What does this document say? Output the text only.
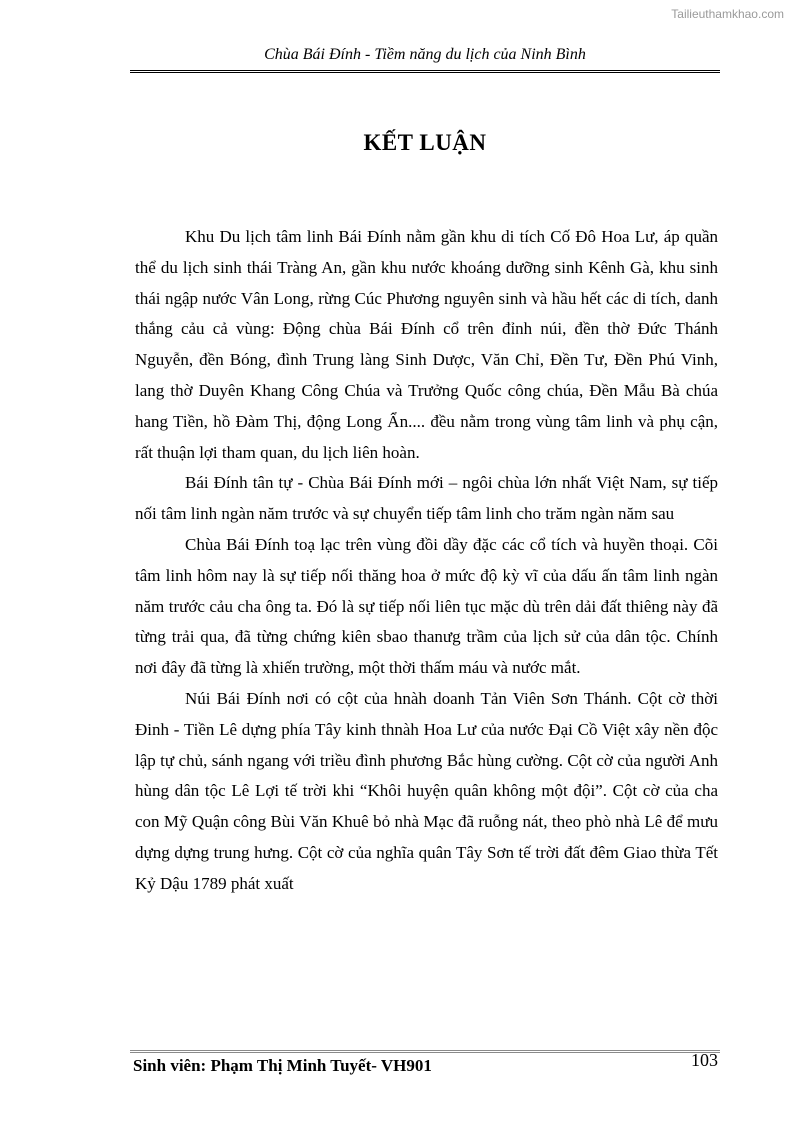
Tailieuthamkhao.com
Chùa Bái Đính - Tiềm năng du lịch của Ninh Bình
KẾT LUẬN

Khu Du lịch tâm linh Bái Đính nằm gần khu di tích Cố Đô Hoa Lư, áp quần thể du lịch sinh thái Tràng An, gần khu nước khoáng dưỡng sinh Kênh Gà, khu sinh thái ngập nước Vân Long, rừng Cúc Phương nguyên sinh và hầu hết các di tích, danh thắng cảu cả vùng: Động chùa Bái Đính cổ trên đỉnh núi, đền thờ Đức Thánh Nguyễn, đền Bóng, đình Trung làng Sinh Dược, Văn Chỉ, Đền Tư, Đền Phú Vinh, lang thờ Duyên Khang Công Chúa và Trưởng Quốc công chúa, Đền Mẫu Bà chúa hang Tiền, hồ Đàm Thị, động Long Ẩn.... đều nằm trong vùng tâm linh và phụ cận, rất thuận lợi tham quan, du lịch liên hoàn.

Bái Đính tân tự - Chùa Bái Đính mới – ngôi chùa lớn nhất Việt Nam, sự tiếp nối tâm linh ngàn năm trước và sự chuyển tiếp tâm linh cho trăm ngàn năm sau

Chùa Bái Đính toạ lạc trên vùng đồi dầy đặc các cổ tích và huyền thoại. Cõi tâm linh hôm nay là sự tiếp nối thăng hoa ở mức độ kỳ vĩ của dấu ấn tâm linh ngàn năm trước cảu cha ông ta. Đó là sự tiếp nối liên tục mặc dù trên dải đất thiêng này đã từng trải qua, đã từng chứng kiên sbao thanưg trầm của lịch sử của dân tộc. Chính nơi đây đã từng là xhiến trường, một thời thấm máu và nước mắt.

Núi Bái Đính nơi có cột của hnàh doanh Tản Viên Sơn Thánh. Cột cờ thời Đinh - Tiền Lê dựng phía Tây kinh thnàh Hoa Lư của nước Đại Cồ Việt xây nền độc lập tự chủ, sánh ngang với triều đình phương Bắc hùng cường. Cột cờ của người Anh hùng dân tộc Lê Lợi tế trời khi “Khôi huyện quân không một đội”. Cột cờ của cha con Mỹ Quận công Bùi Văn Khuê bỏ nhà Mạc đã ruỗng nát, theo phò nhà Lê để mưu dựng dựng trung hưng. Cột cờ của nghĩa quân Tây Sơn tế trời đất đêm Giao thừa Tết Kỷ Dậu 1789 phát xuất

Sinh viên: Phạm Thị Minh Tuyết- VH901	103
